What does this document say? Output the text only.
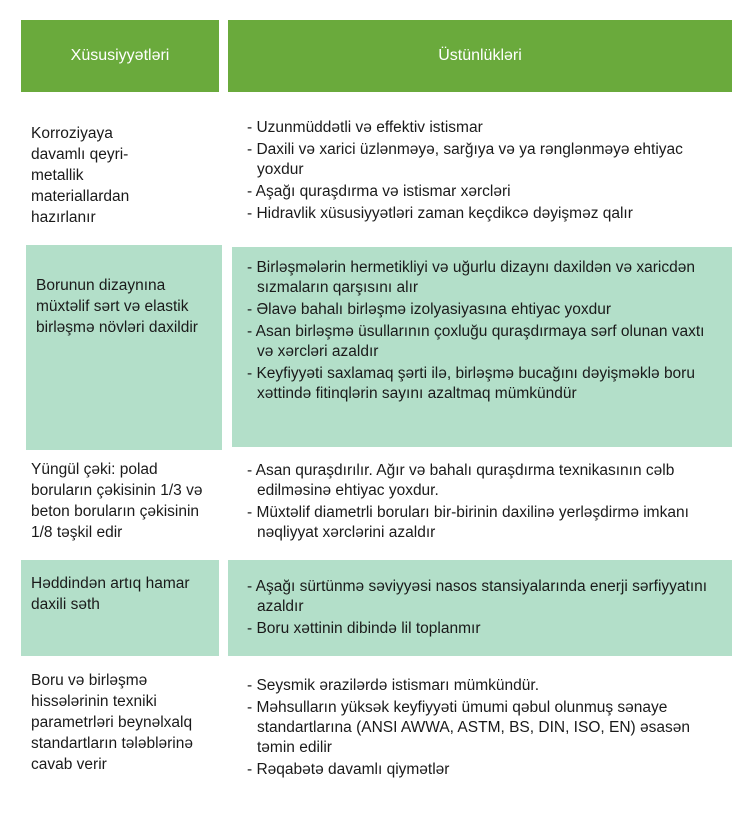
Xüsusiyyətləri	Üstünlükləri
Korroziyaya davamlı qeyri-metallik materiallardan hazırlanır
- Uzunmüddətli və effektiv istismar
- Daxili və xarici üzlənməyə, sarğıya və ya rənglənməyə ehtiyac yoxdur
- Aşağı quraşdırma və istismar xərcləri
- Hidravlik xüsusiyyətləri zaman keçdikcə dəyişməz qalır
Borunun dizaynına müxtəlif sərt və elastik birləşmə növləri daxildir
- Birləşmələrin hermetikliyi və uğurlu dizaynı daxildən və xaricdən sızmaların qarşısını alır
- Əlavə bahalı birləşmə izolyasiyasına ehtiyac yoxdur
- Asan birləşmə üsullarının çoxluğu quraşdırmaya sərf olunan vaxtı və xərcləri azaldır
- Keyfiyyəti saxlamaq şərti ilə, birləşmə bucağını dəyişməklə boru xəttində fitinqlərin sayını azaltmaq mümkündür
Yüngül çəki: polad boruların çəkisinin 1/3 və beton boruların çəkisinin 1/8 təşkil edir
- Asan quraşdırılır. Ağır və bahalı quraşdırma texnikasının cəlb edilməsinə ehtiyac yoxdur.
- Müxtəlif diametrli boruları bir-birinin daxilinə yerləşdirmə imkanı nəqliyyat xərclərini azaldır
Həddindən artıq hamar daxili səth
- Aşağı sürtünmə səviyyəsi nasos stansiyalarında enerji sərfiyyatını azaldır
- Boru xəttinin dibində lil toplanmır
Boru və birləşmə hissələrinin texniki parametrləri beynəlxalq standartların tələblərinə cavab verir
- Seysmik ərazilərdə istismarı mümkündür.
- Məhsulların yüksək keyfiyyəti ümumi qəbul olunmuş sənaye standartlarına (ANSI AWWA, ASTM, BS, DIN, ISO, EN) əsasən təmin edilir
- Rəqabətə davamlı qiymətlər
